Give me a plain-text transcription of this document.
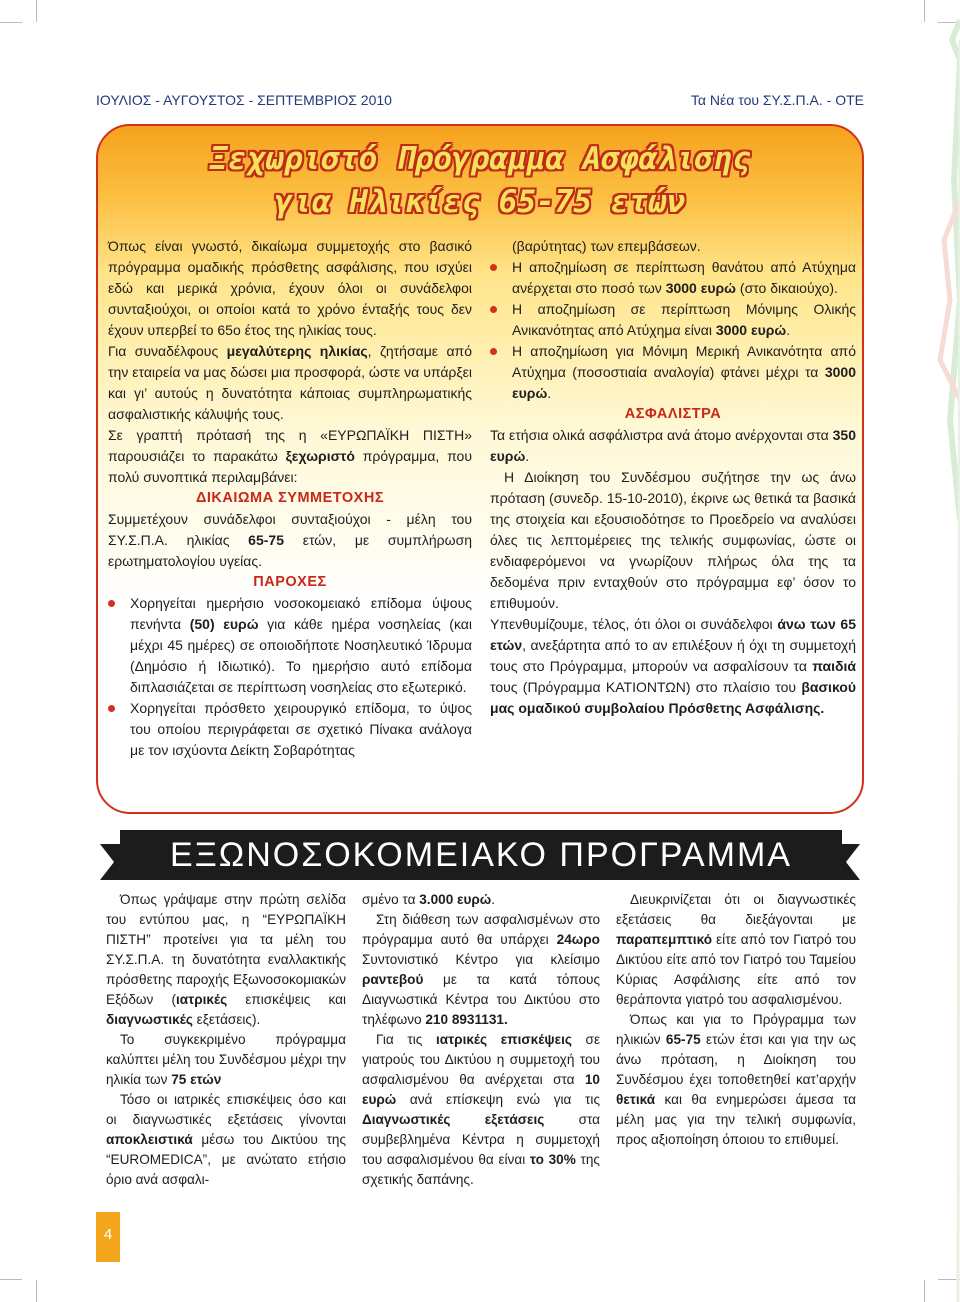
ΙΟΥΛΙΟΣ - ΑΥΓΟΥΣΤΟΣ - ΣΕΠΤΕΜΒΡΙΟΣ 2010	Τα Νέα του ΣΥ.Σ.Π.Α. - ΟΤΕ
Ξεχωριστό Πρόγραμμα Ασφάλισης
για Ηλικίες 65-75 ετών

Όπως είναι γνωστό, δικαίωμα συμμετοχής στο βασικό πρόγραμμα ομαδικής πρόσθετης ασφάλισης, που ισχύει εδώ και μερικά χρόνια, έχουν όλοι οι συνάδελφοι συνταξιούχοι, οι οποίοι κατά το χρόνο ένταξής τους δεν έχουν υπερβεί το 65ο έτος της ηλικίας τους.

Για συναδέλφους μεγαλύτερης ηλικίας, ζητήσαμε από την εταιρεία να μας δώσει μια προσφορά, ώστε να υπάρξει και γι’ αυτούς η δυνατότητα κάποιας συμπληρωματικής ασφαλιστικής κάλυψής τους.

Σε γραπτή πρότασή της η «ΕΥΡΩΠΑΪΚΗ ΠΙΣΤΗ» παρουσιάζει το παρακάτω ξεχωριστό πρόγραμμα, που πολύ συνοπτικά περιλαμβάνει:

ΔΙΚΑΙΩΜΑ ΣΥΜΜΕΤΟΧΗΣ

Συμμετέχουν συνάδελφοι συνταξιούχοι - μέλη του ΣΥ.Σ.Π.Α. ηλικίας 65-75 ετών, με συμπλήρωση ερωτηματολογίου υγείας.

ΠΑΡΟΧΕΣ

Χορηγείται ημερήσιο νοσοκομειακό επίδομα ύψους πενήντα (50) ευρώ για κάθε ημέρα νοσηλείας (και μέχρι 45 ημέρες) σε οποιοδήποτε Νοσηλευτικό Ίδρυμα (Δημόσιο ή Ιδιωτικό). Το ημερήσιο αυτό επίδομα διπλασιάζεται σε περίπτωση νοσηλείας στο εξωτερικό.
Χορηγείται πρόσθετο χειρουργικό επίδομα, το ύψος του οποίου περιγράφεται σε σχετικό Πίνακα ανάλογα με τον ισχύοντα Δείκτη Σοβαρότητας

(βαρύτητας) των επεμβάσεων.

Η αποζημίωση σε περίπτωση θανάτου από Ατύχημα ανέρχεται στο ποσό των 3000 ευρώ (στο δικαιούχο).
Η αποζημίωση σε περίπτωση Μόνιμης Ολικής Ανικανότητας από Ατύχημα είναι 3000 ευρώ.
Η αποζημίωση για Μόνιμη Μερική Ανικανότητα από Ατύχημα (ποσοστιαία αναλογία) φτάνει μέχρι τα 3000 ευρώ.

ΑΣΦΑΛΙΣΤΡΑ

Τα ετήσια ολικά ασφάλιστρα ανά άτομο ανέρχονται στα 350 ευρώ.

Η Διοίκηση του Συνδέσμου συζήτησε την ως άνω πρόταση (συνεδρ. 15-10-2010), έκρινε ως θετικά τα βασικά της στοιχεία και εξουσιοδότησε το Προεδρείο να αναλύσει όλες τις λεπτομέρειες της τελικής συμφωνίας, ώστε οι ενδιαφερόμενοι να γνωρίζουν πλήρως όλα της τα δεδομένα πριν ενταχθούν στο πρόγραμμα εφ’ όσον το επιθυμούν.

Υπενθυμίζουμε, τέλος, ότι όλοι οι συνάδελφοι άνω των 65 ετών, ανεξάρτητα από το αν επιλέξουν ή όχι τη συμμετοχή τους στο Πρόγραμμα, μπορούν να ασφαλίσουν τα παιδιά τους (Πρόγραμμα ΚΑΤΙΟΝΤΩΝ) στο πλαίσιο του βασικού μας ομαδικού συμβολαίου Πρόσθετης Ασφάλισης.

ΕΞΩΝΟΣΟΚΟΜΕΙΑΚΟ ΠΡΟΓΡΑΜΜΑ

Όπως γράψαμε στην πρώτη σελίδα του εντύπου μας, η “ΕΥΡΩΠΑΪΚΗ ΠΙΣΤΗ” προτείνει για τα μέλη του ΣΥ.Σ.Π.Α. τη δυνατότητα εναλλακτικής πρόσθετης παροχής Εξωνοσοκομιακών Εξόδων (ιατρικές επισκέψεις και διαγνωστικές εξετάσεις).

Το συγκεκριμένο πρόγραμμα καλύπτει μέλη του Συνδέσμου μέχρι την ηλικία των 75 ετών

Τόσο οι ιατρικές επισκέψεις όσο και οι διαγνωστικές εξετάσεις γίνονται αποκλειστικά μέσω του Δικτύου της “EUROMEDICA”, με ανώτατο ετήσιο όριο ανά ασφαλι-

σμένο τα 3.000 ευρώ.

Στη διάθεση των ασφαλισμένων στο πρόγραμμα αυτό θα υπάρχει 24ωρο Συντονιστικό Κέντρο για κλείσιμο ραντεβού με τα κατά τόπους Διαγνωστικά Κέντρα του Δικτύου στο τηλέφωνο 210 8931131.

Για τις ιατρικές επισκέψεις σε γιατρούς του Δικτύου η συμμετοχή του ασφαλισμένου θα ανέρχεται στα 10 ευρώ ανά επίσκεψη ενώ για τις Διαγνωστικές εξετάσεις στα συμβεβλημένα Κέντρα η συμμετοχή του ασφαλισμένου θα είναι το 30% της σχετικής δαπάνης.

Διευκρινίζεται ότι οι διαγνωστικές εξετάσεις θα διεξάγονται με παραπεμπτικό είτε από τον Γιατρό του Δικτύου είτε από τον Γιατρό του Ταμείου Κύριας Ασφάλισης είτε από τον θεράποντα γιατρό του ασφαλισμένου.

Όπως και για το Πρόγραμμα των ηλικιών 65-75 ετών έτσι και για την ως άνω πρόταση, η Διοίκηση του Συνδέσμου έχει τοποθετηθεί κατ’αρχήν θετικά και θα ενημερώσει άμεσα τα μέλη μας για την τελική συμφωνία, προς αξιοποίηση όποιου το επιθυμεί.

4
